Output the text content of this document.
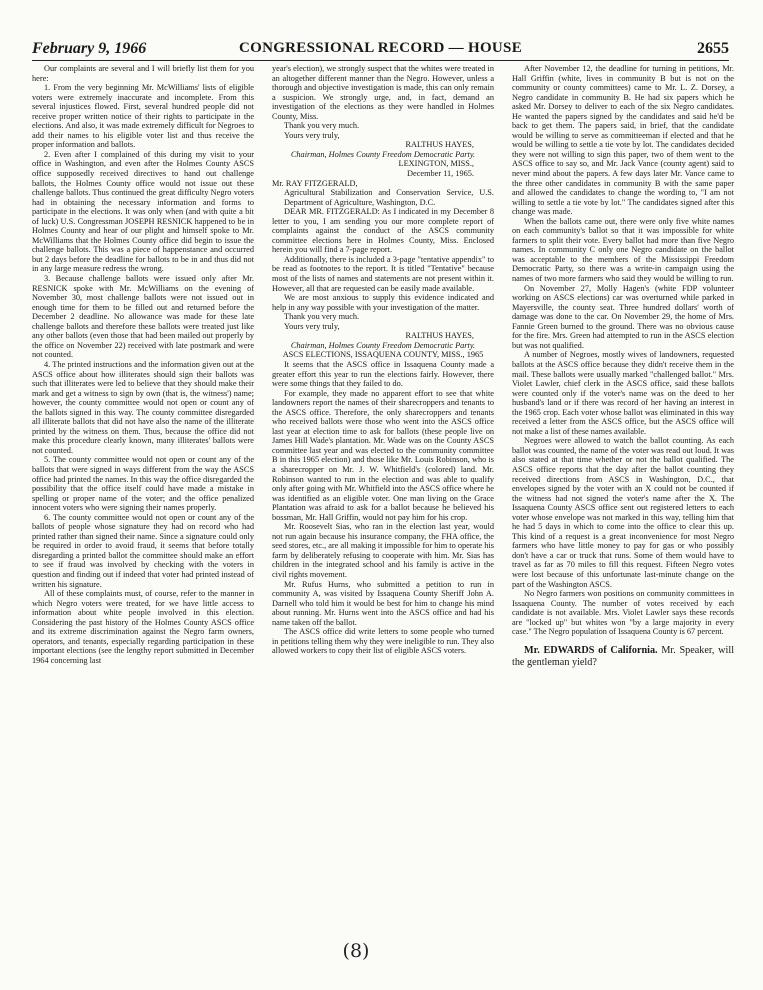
February 9, 1966	CONGRESSIONAL RECORD — HOUSE	2655

Our complaints are several and I will briefly list them for you here:

1. From the very beginning Mr. McWilliams' lists of eligible voters were extremely inaccurate and incomplete. From this several injustices flowed. First, several hundred people did not receive proper written notice of their rights to participate in the elections. And also, it was made extremely difficult for Negroes to add their names to his eligible voter list and thus receive the proper information and ballots.

2. Even after I complained of this during my visit to your office in Washington, and even after the Holmes County ASCS office supposedly received directives to hand out challenge ballots, the Holmes County office would not issue out these challenge ballots. Thus continued the great difficulty Negro voters had in obtaining the necessary information and forms to participate in the elections. It was only when (and with quite a bit of luck) U.S. Congressman JOSEPH RESNICK happened to be in Holmes County and hear of our plight and himself spoke to Mr. McWilliams that the Holmes County office did begin to issue the challenge ballots. This was a piece of happenstance and occurred but 2 days before the deadline for ballots to be in and thus did not in any large measure redress the wrong.

3. Because challenge ballots were issued only after Mr. RESNICK spoke with Mr. McWilliams on the evening of November 30, most challenge ballots were not issued out in enough time for them to be filled out and returned before the December 2 deadline. No allowance was made for these late challenge ballots and therefore these ballots were treated just like any other ballots (even those that had been mailed out properly by the office on November 22) received with late postmark and were not counted.

4. The printed instructions and the information given out at the ASCS office about how illiterates should sign their ballots was such that illiterates were led to believe that they should make their mark and get a witness to sign by own (that is, the witness') name; however, the county committee would not open or count any of the ballots signed in this way. The county committee disregarded all illiterate ballots that did not have also the name of the illiterate printed by the witness on them. Thus, because the office did not make this procedure clearly known, many illiterates' ballots were not counted.

5. The county committee would not open or count any of the ballots that were signed in ways different from the way the ASCS office had printed the names. In this way the office disregarded the possibility that the office itself could have made a mistake in spelling or proper name of the voter; and the office penalized innocent voters who were signing their names properly.

6. The county committee would not open or count any of the ballots of people whose signature they had on record who had printed rather than signed their name. Since a signature could only be required in order to avoid fraud, it seems that before totally disregarding a printed ballot the committee should make an effort to see if fraud was involved by checking with the voters in question and finding out if indeed that voter had printed instead of written his signature.

All of these complaints must, of course, refer to the manner in which Negro voters were treated, for we have little access to information about white people involved in this election. Considering the past history of the Holmes County ASCS office and its extreme discrimination against the Negro farm owners, operators, and tenants, especially regarding participation in these important elections (see the lengthy report submitted in December 1964 concerning last

year's election), we strongly suspect that the whites were treated in an altogether different manner than the Negro. However, unless a thorough and objective investigation is made, this can only remain a suspicion. We strongly urge, and, in fact, demand an investigation of the elections as they were handled in Holmes County, Miss.

Thank you very much.

Yours very truly,

RALTHUS HAYES,

Chairman, Holmes County Freedom Democratic Party.

LEXINGTON, MISS.,

December 11, 1965.

Mr. RAY FITZGERALD,

Agricultural Stabilization and Conservation Service, U.S. Department of Agriculture, Washington, D.C.

DEAR MR. FITZGERALD: As I indicated in my December 8 letter to you, I am sending you our more complete report of complaints against the conduct of the ASCS community committee elections here in Holmes County, Miss. Enclosed herein you will find a 7-page report.

Additionally, there is included a 3-page "tentative appendix" to be read as footnotes to the report. It is titled "Tentative" because most of the lists of names and statements are not present within it. However, all that are requested can be easily made available.

We are most anxious to supply this evidence indicated and help in any way possible with your investigation of the matter.

Thank you very much.

Yours very truly,

RALTHUS HAYES,

Chairman, Holmes County Freedom Democratic Party.

ASCS ELECTIONS, ISSAQUENA COUNTY, MISS., 1965

It seems that the ASCS office in Issaquena County made a greater effort this year to run the elections fairly. However, there were some things that they failed to do.

For example, they made no apparent effort to see that white landowners report the names of their sharecroppers and tenants to the ASCS office. Therefore, the only sharecroppers and tenants who received ballots were those who went into the ASCS office last year at election time to ask for ballots (these people live on James Hill Wade's plantation. Mr. Wade was on the County ASCS committee last year and was elected to the community committee B in this 1965 election) and those like Mr. Louis Robinson, who is a sharecropper on Mr. J. W. Whitfield's (colored) land. Mr. Robinson wanted to run in the election and was able to qualify only after going with Mr. Whitfield into the ASCS office where he was identified as an eligible voter. One man living on the Grace Plantation was afraid to ask for a ballot because he believed his bossman, Mr. Hall Griffin, would not pay him for his crop.

Mr. Roosevelt Sias, who ran in the election last year, would not run again because his insurance company, the FHA office, the seed stores, etc., are all making it impossible for him to operate his farm by deliberately refusing to cooperate with him. Mr. Sias has children in the integrated school and his family is active in the civil rights movement.

Mr. Rufus Hurns, who submitted a petition to run in community A, was visited by Issaquena County Sheriff John A. Darnell who told him it would be best for him to change his mind about running. Mr. Hurns went into the ASCS office and had his name taken off the ballot.

The ASCS office did write letters to some people who turned in petitions telling them why they were ineligible to run. They also allowed workers to copy their list of eligible ASCS voters.

After November 12, the deadline for turning in petitions, Mr. Hall Griffin (white, lives in community B but is not on the community or county committees) came to Mr. L. Z. Dorsey, a Negro candidate in community B. He had six papers which he asked Mr. Dorsey to deliver to each of the six Negro candidates. He wanted the papers signed by the candidates and said he'd be back to get them. The papers said, in brief, that the candidate would be willing to serve as committeeman if elected and that he would be willing to settle a tie vote by lot. The candidates decided they were not willing to sign this paper, two of them went to the ASCS office to say so, and Mr. Jack Vance (county agent) said to never mind about the papers. A few days later Mr. Vance came to the three other candidates in community B with the same paper and allowed the candidates to change the wording to, "I am not willing to settle a tie vote by lot." The candidates signed after this change was made.

When the ballots came out, there were only five white names on each community's ballot so that it was impossible for white farmers to split their vote. Every ballot had more than five Negro names. In community C only one Negro candidate on the ballot was acceptable to the members of the Mississippi Freedom Democratic Party, so there was a write-in campaign using the names of two more farmers who said they would be willing to run.

On November 27, Molly Hagen's (white FDP volunteer working on ASCS elections) car was overturned while parked in Mayersville, the county seat. Three hundred dollars' worth of damage was done to the car. On November 29, the home of Mrs. Fannie Green burned to the ground. There was no obvious cause for the fire. Mrs. Green had attempted to run in the ASCS election but was not qualified.

A number of Negroes, mostly wives of landowners, requested ballots at the ASCS office because they didn't receive them in the mail. These ballots were usually marked "challenged ballot." Mrs. Violet Lawler, chief clerk in the ASCS office, said these ballots were counted only if the voter's name was on the deed to her husband's land or if there was record of her having an interest in the 1965 crop. Each voter whose ballot was eliminated in this way received a letter from the ASCS office, but the ASCS office will not make a list of these names available.

Negroes were allowed to watch the ballot counting. As each ballot was counted, the name of the voter was read out loud. It was also stated at that time whether or not the ballot qualified. The ASCS office reports that the day after the ballot counting they received directions from ASCS in Washington, D.C., that envelopes signed by the voter with an X could not be counted if the witness had not signed the voter's name after the X. The Issaquena County ASCS office sent out registered letters to each voter whose envelope was not marked in this way, telling him that he had 5 days in which to come into the office to clear this up. This kind of a request is a great inconvenience for most Negro farmers who have little money to pay for gas or who possibly don't have a car or truck that runs. Some of them would have to travel as far as 70 miles to fill this request. Fifteen Negro votes were lost because of this unfortunate last-minute change on the part of the Washington ASCS.

No Negro farmers won positions on community committees in Issaquena County. The number of votes received by each candidate is not available. Mrs. Violet Lawler says these records are "locked up" but whites won "by a large majority in every case." The Negro population of Issaquena County is 67 percent.

Mr. EDWARDS of California. Mr. Speaker, will the gentleman yield?

(8)
